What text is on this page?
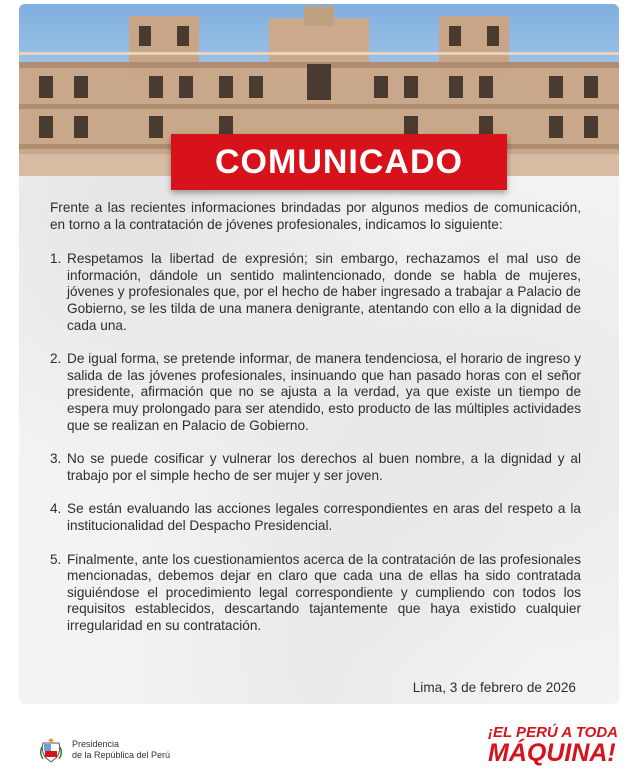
COMUNICADO

Frente a las recientes informaciones brindadas por algunos medios de comunicación, en torno a la contratación de jóvenes profesionales, indicamos lo siguiente:

1. Respetamos la libertad de expresión; sin embargo, rechazamos el mal uso de información, dándole un sentido malintencionado, donde se habla de mujeres, jóvenes y profesionales que, por el hecho de haber ingresado a trabajar a Palacio de Gobierno, se les tilda de una manera denigrante, atentando con ello a la dignidad de cada una.
2. De igual forma, se pretende informar, de manera tendenciosa, el horario de ingreso y salida de las jóvenes profesionales, insinuando que han pasado horas con el señor presidente, afirmación que no se ajusta a la verdad, ya que existe un tiempo de espera muy prolongado para ser atendido, esto producto de las múltiples actividades que se realizan en Palacio de Gobierno.
3. No se puede cosificar y vulnerar los derechos al buen nombre, a la dignidad y al trabajo por el simple hecho de ser mujer y ser joven.
4. Se están evaluando las acciones legales correspondientes en aras del respeto a la institucionalidad del Despacho Presidencial.
5. Finalmente, ante los cuestionamientos acerca de la contratación de las profesionales mencionadas, debemos dejar en claro que cada una de ellas ha sido contratada siguiéndose el procedimiento legal correspondiente y cumpliendo con todos los requisitos establecidos, descartando tajantemente que haya existido cualquier irregularidad en su contratación.
Lima, 3 de febrero de 2026
Presidencia
de la República del Perú
¡EL PERÚ A TODA
MÁQUINA!
